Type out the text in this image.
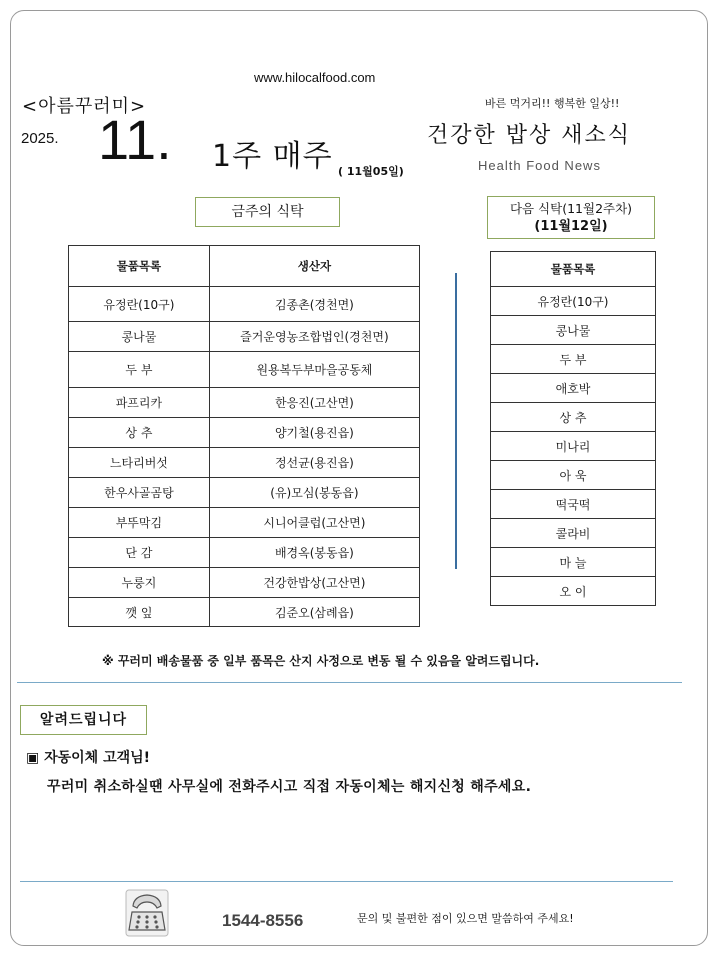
www.hilocalfood.com
<아름꾸러미>
2025. 11. 1주 매주 ( 11월05일)
바른 먹거리!! 행복한 일상!!
건강한 밥상 새소식
Health Food News
금주의 식탁	다음 식탁(11월2주차)
(11월12일)
물품목록	생산자
유정란(10구)	김종촌(경천면)
콩나물	즐거운영농조합법인(경천면)
두 부	원용복두부마을공동체
파프리카	한응진(고산면)
상 추	양기철(용진읍)
느타리버섯	정선균(용진읍)
한우사골곰탕	(유)모심(봉동읍)
부뚜막김	시니어클럽(고산면)
단 감	배경옥(봉동읍)
누룽지	건강한밥상(고산면)
깻 잎	김준오(삼례읍)
물품목록
유정란(10구)
콩나물
두 부
애호박
상 추
미나리
아 욱
떡국떡
콜라비
마 늘
오 이
※ 꾸러미 배송물품 중 일부 품목은 산지 사정으로 변동 될 수 있음을 알려드립니다.
알려드립니다
▣ 자동이체 고객님!
꾸러미 취소하실땐 사무실에 전화주시고 직접 자동이체는 해지신청 해주세요.
1544-8556	문의 및 불편한 점이 있으면 말씀하여 주세요!
